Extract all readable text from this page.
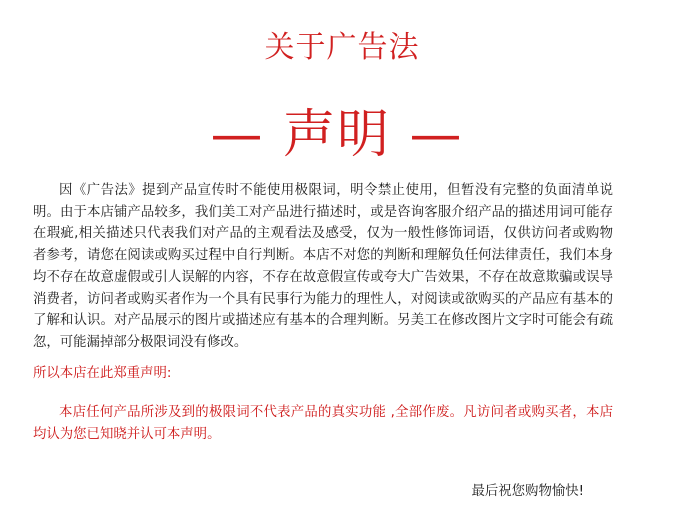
关于广告法
— 声明 —
因《广告法》提到产品宣传时不能使用极限词，明令禁止使用，但暂没有完整的负面清单说明。由于本店铺产品较多，我们美工对产品进行描述时，或是咨询客服介绍产品的描述用词可能存在瑕疵,相关描述只代表我们对产品的主观看法及感受，仅为一般性修饰词语，仅供访问者或购物者参考，请您在阅读或购买过程中自行判断。本店不对您的判断和理解负任何法律责任，我们本身均不存在故意虚假或引人误解的内容，不存在故意假宣传或夸大广告效果，不存在故意欺骗或误导消费者，访问者或购买者作为一个具有民事行为能力的理性人，对阅读或欲购买的产品应有基本的了解和认识。对产品展示的图片或描述应有基本的合理判断。另美工在修改图片文字时可能会有疏忽，可能漏掉部分极限词没有修改。
所以本店在此郑重声明:
本店任何产品所涉及到的极限词不代表产品的真实功能 ,全部作废。凡访问者或购买者，本店均认为您已知晓并认可本声明。
最后祝您购物愉快!
